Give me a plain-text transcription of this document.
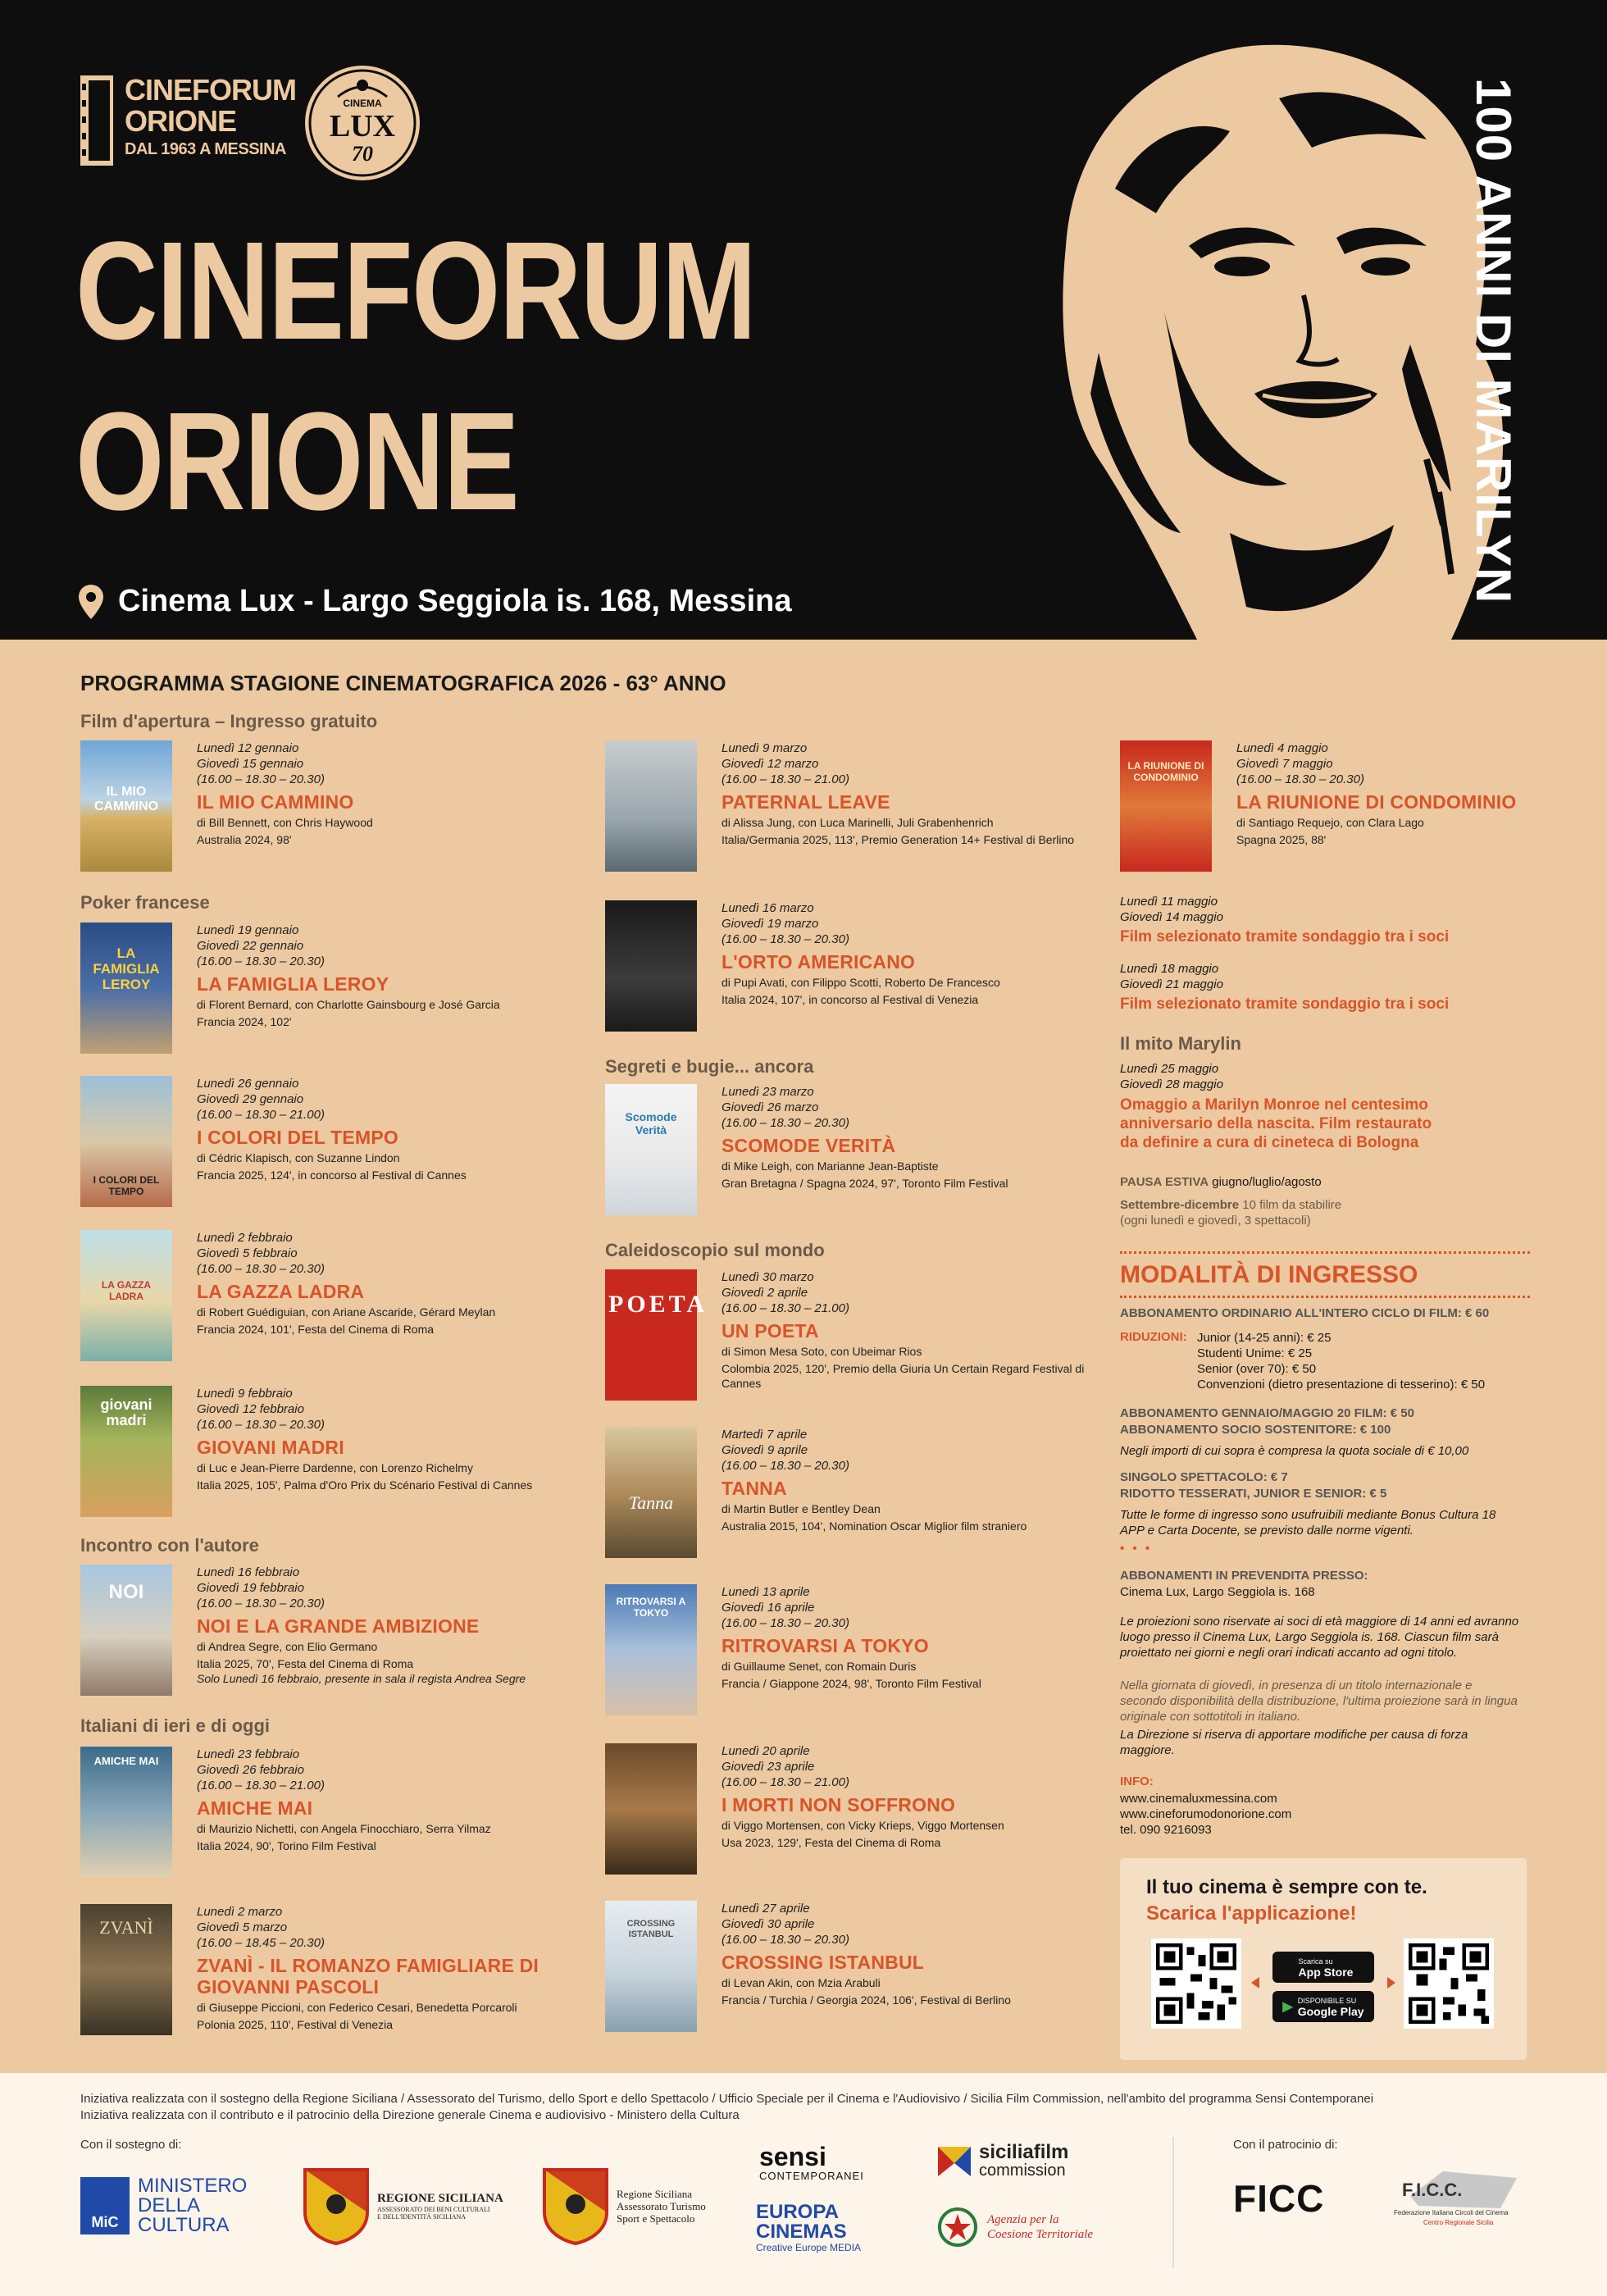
CINEFORUM
ORIONE
DAL 1963 A MESSINA
CINEMA
LUX
70
CINEFORUM
ORIONE
Cinema Lux - Largo Seggiola is. 168, Messina	100 ANNI DI MARILYN
PROGRAMMA STAGIONE CINEMATOGRAFICA 2026 - 63° ANNO
Film d'apertura – Ingresso gratuito
Poker francese
Incontro con l'autore
Italiani di ieri e di oggi
Segreti e bugie... ancora
Caleidoscopio sul mondo
Il mito Marylin
IL MIO CAMMINO
Lunedì 12 gennaio
Giovedì 15 gennaio
(16.00 – 18.30 – 20.30)
IL MIO CAMMINO
di Bill Bennett, con Chris Haywood
Australia 2024, 98'
LA FAMIGLIA LEROY
Lunedì 19 gennaio
Giovedì 22 gennaio
(16.00 – 18.30 – 20.30)
LA FAMIGLIA LEROY
di Florent Bernard, con Charlotte Gainsbourg e José Garcia
Francia 2024, 102'
I COLORI DEL TEMPO
Lunedì 26 gennaio
Giovedì 29 gennaio
(16.00 – 18.30 – 21.00)
I COLORI DEL TEMPO
di Cédric Klapisch, con Suzanne Lindon
Francia 2025, 124', in concorso al Festival di Cannes
LA GAZZA LADRA
Lunedì 2 febbraio
Giovedì 5 febbraio
(16.00 – 18.30 – 20.30)
LA GAZZA LADRA
di Robert Guédiguian, con Ariane Ascaride, Gérard Meylan
Francia 2024, 101', Festa del Cinema di Roma
giovani madri
Lunedì 9 febbraio
Giovedì 12 febbraio
(16.00 – 18.30 – 20.30)
GIOVANI MADRI
di Luc e Jean-Pierre Dardenne, con Lorenzo Richelmy
Italia 2025, 105', Palma d'Oro Prix du Scénario Festival di Cannes
NOI
Lunedì 16 febbraio
Giovedì 19 febbraio
(16.00 – 18.30 – 20.30)
NOI E LA GRANDE AMBIZIONE
di Andrea Segre, con Elio Germano
Italia 2025, 70', Festa del Cinema di Roma
Solo Lunedì 16 febbraio, presente in sala il regista Andrea Segre
AMICHE MAI	Lunedì 23 febbraio
Giovedì 26 febbraio
(16.00 – 18.30 – 21.00)
AMICHE MAI
di Maurizio Nichetti, con Angela Finocchiaro, Serra Yilmaz
Italia 2024, 90', Torino Film Festival
ZVANÌ
Lunedì 2 marzo
Giovedì 5 marzo
(16.00 – 18.45 – 20.30)
ZVANÌ - IL ROMANZO FAMIGLIARE DI GIOVANNI PASCOLI
di Giuseppe Piccioni, con Federico Cesari, Benedetta Porcaroli
Polonia 2025, 110', Festival di Venezia
Lunedì 9 marzo
Giovedì 12 marzo
(16.00 – 18.30 – 21.00)
PATERNAL LEAVE
di Alissa Jung, con Luca Marinelli, Juli Grabenhenrich
Italia/Germania 2025, 113', Premio Generation 14+ Festival di Berlino
Lunedì 16 marzo
Giovedì 19 marzo
(16.00 – 18.30 – 20.30)
L'ORTO AMERICANO
di Pupi Avati, con Filippo Scotti, Roberto De Francesco
Italia 2024, 107', in concorso al Festival di Venezia
Scomode Verità
Lunedì 23 marzo
Giovedì 26 marzo
(16.00 – 18.30 – 20.30)
SCOMODE VERITÀ
di Mike Leigh, con Marianne Jean-Baptiste
Gran Bretagna / Spagna 2024, 97', Toronto Film Festival
POETA
Lunedì 30 marzo
Giovedì 2 aprile
(16.00 – 18.30 – 21.00)
UN POETA
di Simon Mesa Soto, con Ubeimar Rios
Colombia 2025, 120', Premio della Giuria Un Certain Regard Festival di Cannes
Tanna
Martedì 7 aprile
Giovedì 9 aprile
(16.00 – 18.30 – 20.30)
TANNA
di Martin Butler e Bentley Dean
Australia 2015, 104', Nomination Oscar Miglior film straniero
RITROVARSI A TOKYO
Lunedì 13 aprile
Giovedì 16 aprile
(16.00 – 18.30 – 20.30)
RITROVARSI A TOKYO
di Guillaume Senet, con Romain Duris
Francia / Giappone 2024, 98', Toronto Film Festival
Lunedì 20 aprile
Giovedì 23 aprile
(16.00 – 18.30 – 21.00)
I MORTI NON SOFFRONO
di Viggo Mortensen, con Vicky Krieps, Viggo Mortensen
Usa 2023, 129', Festa del Cinema di Roma
CROSSING ISTANBUL
Lunedì 27 aprile
Giovedì 30 aprile
(16.00 – 18.30 – 20.30)
CROSSING ISTANBUL
di Levan Akin, con Mzia Arabuli
Francia / Turchia / Georgia 2024, 106', Festival di Berlino
LA RIUNIONE DI CONDOMINIO
Lunedì 4 maggio
Giovedì 7 maggio
(16.00 – 18.30 – 20.30)
LA RIUNIONE DI CONDOMINIO
di Santiago Requejo, con Clara Lago
Spagna 2025, 88'
Lunedì 11 maggio
Giovedì 14 maggio
Film selezionato tramite sondaggio tra i soci
Lunedì 18 maggio
Giovedì 21 maggio
Film selezionato tramite sondaggio tra i soci
Lunedì 25 maggio
Giovedì 28 maggio
Omaggio a Marilyn Monroe nel centesimo anniversario della nascita. Film restaurato da definire a cura di cineteca di Bologna
PAUSA ESTIVA giugno/luglio/agosto
Settembre-dicembre 10 film da stabilire
(ogni lunedì e giovedì, 3 spettacoli)
MODALITÀ DI INGRESSO
ABBONAMENTO ORDINARIO ALL'INTERO CICLO DI FILM: € 60
RIDUZIONI: Junior (14-25 anni): € 25
Studenti Unime: € 25
Senior (over 70): € 50
Convenzioni (dietro presentazione di tesserino): € 50
ABBONAMENTO GENNAIO/MAGGIO 20 FILM: € 50
ABBONAMENTO SOCIO SOSTENITORE: € 100
Negli importi di cui sopra è compresa la quota sociale di € 10,00
SINGOLO SPETTACOLO: € 7
RIDOTTO TESSERATI, JUNIOR E SENIOR: € 5
Tutte le forme di ingresso sono usufruibili mediante Bonus Cultura 18 APP e Carta Docente, se previsto dalle norme vigenti.
• • •
ABBONAMENTI IN PREVENDITA PRESSO:
Cinema Lux, Largo Seggiola is. 168
Le proiezioni sono riservate ai soci di età maggiore di 14 anni ed avranno luogo presso il Cinema Lux, Largo Seggiola is. 168. Ciascun film sarà proiettato nei giorni e negli orari indicati accanto ad ogni titolo.
Nella giornata di giovedì, in presenza di un titolo internazionale e secondo disponibilità della distribuzione, l'ultima proiezione sarà in lingua originale con sottotitoli in italiano.
La Direzione si riserva di apportare modifiche per causa di forza maggiore.
INFO:
www.cinemaluxmessina.com
www.cineforumodonorione.com
tel. 090 9216093
Il tuo cinema è sempre con te.
Scarica l'applicazione!
Scarica su
App Store
▶ DISPONIBILE SU
Google Play
Iniziativa realizzata con il sostegno della Regione Siciliana / Assessorato del Turismo, dello Sport e dello Spettacolo / Ufficio Speciale per il Cinema e l'Audiovisivo / Sicilia Film Commission, nell'ambito del programma Sensi Contemporanei
Iniziativa realizzata con il contributo e il patrocinio della Direzione generale Cinema e audiovisivo - Ministero della Cultura
Con il sostegno di:	Con il patrocinio di:
MiC
MINISTERO
DELLA
CULTURA
REGIONE SICILIANA
ASSESSORATO DEI BENI CULTURALI
E DELL'IDENTITÀ SICILIANA
Regione Siciliana
Assessorato Turismo
Sport e Spettacolo
sensi
CONTEMPORANEI
EUROPA
CINEMAS
Creative Europe MEDIA
siciliafilm
commission
Agenzia per la
Coesione Territoriale
FICC	F.I.C.C.
Federazione Italiana Circoli del Cinema
Centro Regionale Sicilia
